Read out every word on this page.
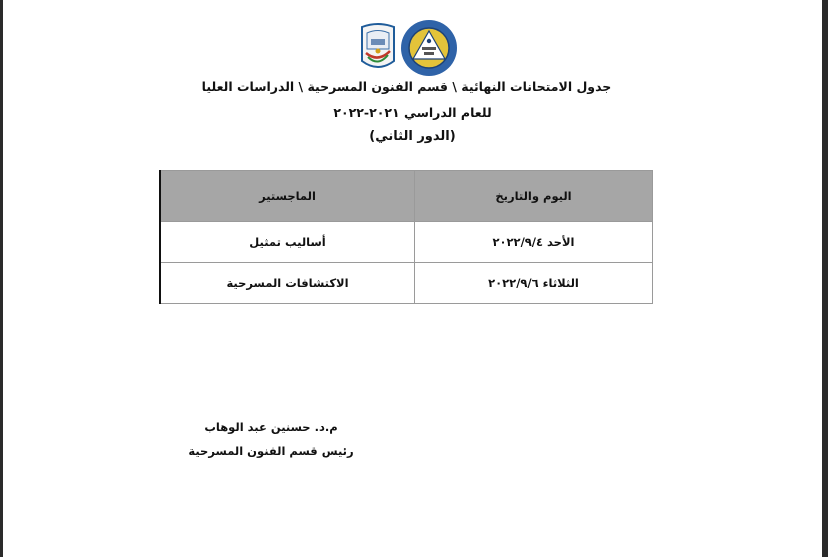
جدول الامتحانات النهائية \ قسم الفنون المسرحية \ الدراسات العليا
للعام الدراسي ٢٠٢١-٢٠٢٢
(الدور الثاني)
الماجستير	اليوم والتاريخ
أساليب تمثيل	الأحد ٢٠٢٢/٩/٤
الاكتشافات المسرحية	الثلاثاء ٢٠٢٢/٩/٦
م.د. حسنين عبد الوهاب
رئيس قسم الفنون المسرحية
